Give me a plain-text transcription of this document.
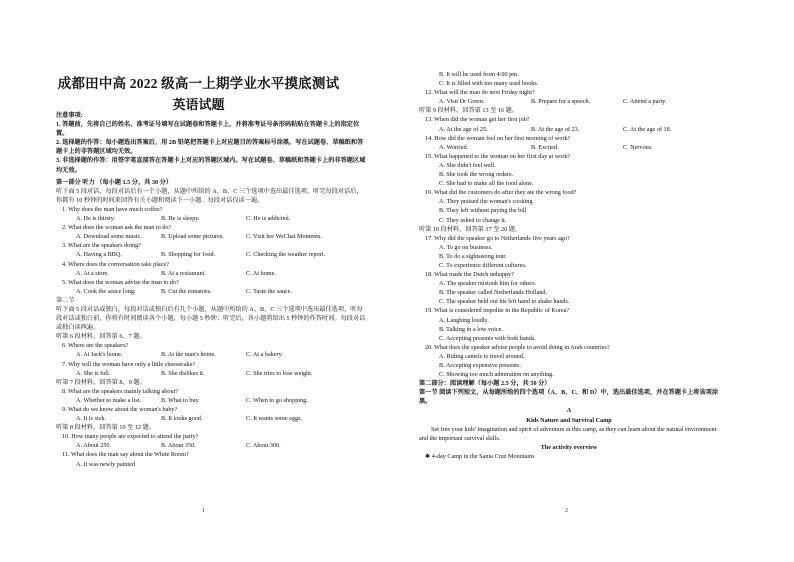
成都田中高 2022 级高一上期学业水平摸底测试
英语试题
注意事项:
1. 答题前，先将自己的姓名、准考证号填写在试题卷和答题卡上，并将准考证号条形码粘贴在答题卡上的指定位置。
2. 选择题的作答：每小题选出答案后，用 2B 铅笔把答题卡上对应题目的答案标号涂黑，写在试题卷、草稿纸和答题卡上的非答题区域均无效。
3. 非选择题的作答：用签字笔直接答在答题卡上对应的答题区域内。写在试题卷、草稿纸和答题卡上的非答题区域均无效。
第一部分 听力 （每小题 1.5 分，共 30 分）
听下面 5 段对话，每段对话后有一个小题，从题中所给的 A、B、C 三个选项中选出最佳选项。听完每段对话后，你都有 10 秒钟的时间来回答有关小题和阅读下一小题。每段对话仅读一遍。
1. Why does the man have much coffee?
A. He is thirsty.	B. He is sleepy.	C. He is addicted.
2. What does the woman ask the man to do?
A. Download some music.	B. Upload some pictures.	C. Visit her WeChat Moments.
3. What are the speakers doing?
A. Having a BBQ.	B. Shopping for food.	C. Checking the weather report.
4. Where does the conversation take place?
A. At a store.	B. At a restaurant.	C. At home.
5. What does the woman advise the man to do?
A. Cook the sauce long.	B. Cut the tomatoes.	C. Taste the sauce.
第二节
听下面 5 段对话或独白，每段对话或独白后有几个小题，从题中所给的 A、B、C 三个选项中选出最佳选项，听每段对话或独白前，你将有时间阅读各个小题，每小题 5 秒钟；听完后，各小题将给出 5 秒钟的作答时间。每段对话或独白读两遍。
听第 6 段材料，回答第 6、7 题。
6. Where are the speakers?
A. At Jack's home.	B. At the man's home.	C. At a bakery.
7. Why will the woman have only a little cheesecake?
A. She is full.	B. She dislikes it.	C. She tries to lose weight.
听第 7 段材料，回答第 8、9 题。
8. What are the speakers mainly talking about?
A. Whether to make a list.	B. What to buy.	C. When to go shopping.
9. What do we know about the woman's baby?
A. It is sick.	B. It looks good.	C. It wants some eggs.
听第 8 段材料，回答第 10 至 12 题。
10. How many people are expected to attend the party?
A. About 250.	B. About 350.	C. About 300.
11. What does the man say about the White Room?
A. It was newly painted
1
B. It will be used from 4:00 pm.
C. It is filled with too many used books.
12. What will the man do next Friday night?
A. Visit Dr Green.	B. Prepare for a speech.	C. Attend a party.
听第 9 段材料，回答第 13 至 16 题。
13. When did the woman get her first job?
A. At the age of 25.	B. At the age of 23.	C. At the age of 18.
14. How did the woman feel on her first morning of work?
A. Worried.	B. Excited.	C. Nervous.
15. What happened to the woman on her first day at work?
A. She didn't feel well.
B. She took the wrong orders.
C. She had to make all the food alone.
16. What did the customers do after they ate the wrong food?
A. They praised the woman's cooking.
B. They left without paying the bill
C. They asked to change it.
听第 10 段材料，回答第 17 至 20 题。
17. Why did the speaker go to Netherlands five years ago?
A. To go on business.
B. To do a sightseeing tour.
C. To experience different cultures.
18. What made the Dutch unhappy?
A. The speaker mistook him for others.
B. The speaker called Netherlands Holland.
C. The speaker held out his left hand to shake hands.
19. What is considered impolite in the Republic of Korea?
A. Laughing loudly.
B. Talking in a low voice.
C. Accepting presents with both hands.
20. What does the speaker advise people to avoid doing in Arab countries?
A. Riding camels to travel around.
B. Accepting expensive presents.
C. Showing too much admiration on anything.
第二部分：阅读理解（每小题 2.5 分，共 50 分）
第一节 阅读下列短文，从每题所给的四个选项（A、B、C、和 D）中，选出最佳选项，并在答题卡上将该项涂黑。
A
Kids Nature and Survival Camp
Set free your kids' imagination and spirit of adventure at this camp, as they can learn about the natural environment and the important survival skills.
The activity overview
✱ 4-day Camp in the Santa Cruz Mountains
2
